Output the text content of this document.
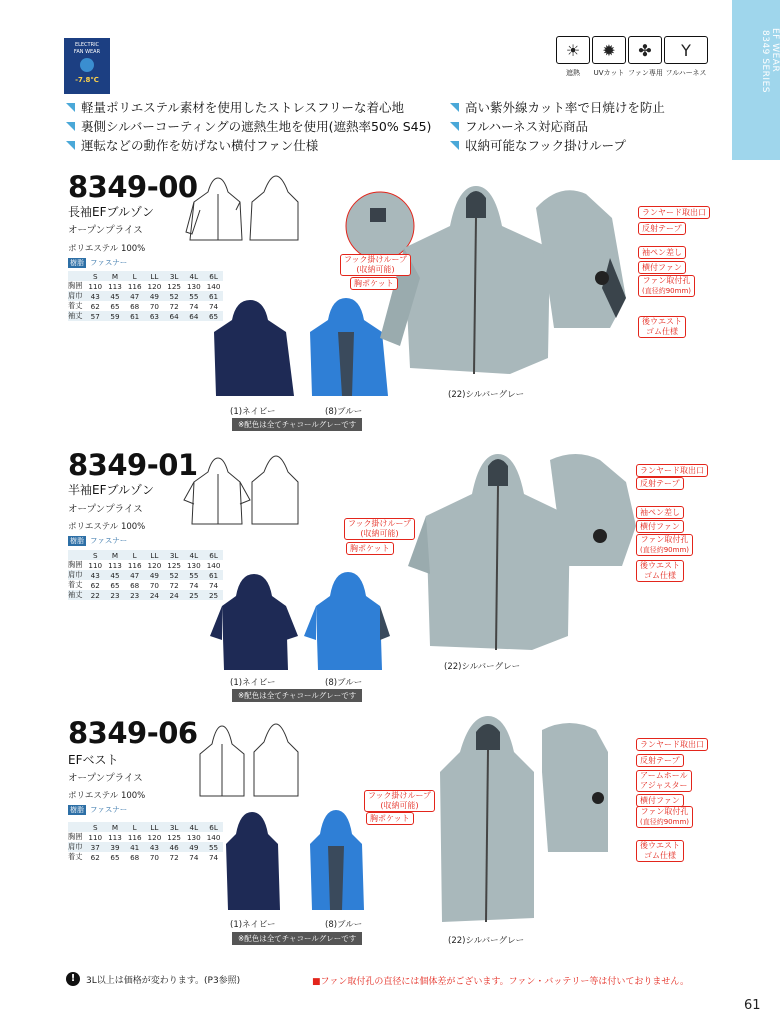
EF WEAR
8349 SERIES
ELECTRIC
FAN WEAR
-7.8℃
☀	✹	✤	Y
遮熱	UVカット ファン専用 フルハーネス
軽量ポリエステル素材を使用したストレスフリーな着心地
裏側シルバーコーティングの遮熱生地を使用(遮熱率50% S45)
運転などの動作を妨げない横付ファン仕様
高い紫外線カット率で日焼けを防止
フルハーネス対応商品
収納可能なフック掛けループ
8349-00
長袖EFブルゾン
オープンプライス
ポリエステル 100%
樹脂 ファスナー
	S	M	L	LL	3L	4L	6L
胸囲	110	113	116	120	125	130	140
肩巾	43	45	47	49	52	55	61
着丈	62	65	68	70	72	74	74
袖丈	57	59	61	63	64	64	65
(1)ネイビー	(8)ブルー
※配色は全てチャコールグレーです
(22)シルバーグレー
ランヤード取出口
反射テープ
袖ペン差し
横付ファン
ファン取付孔
(直径約90mm)
後ウエスト
ゴム仕様
フック掛けループ
(収納可能)
胸ポケット
8349-01
半袖EFブルゾン
オープンプライス
ポリエステル 100%
樹脂 ファスナー
	S	M	L	LL	3L	4L	6L
胸囲	110	113	116	120	125	130	140
肩巾	43	45	47	49	52	55	61
着丈	62	65	68	70	72	74	74
袖丈	22	23	23	24	24	25	25
(1)ネイビー	(8)ブルー
※配色は全てチャコールグレーです
(22)シルバーグレー
ランヤード取出口
反射テープ
袖ペン差し
横付ファン
ファン取付孔
(直径約90mm)
後ウエスト
ゴム仕様
フック掛けループ
(収納可能)
胸ポケット
8349-06
EFベスト
オープンプライス
ポリエステル 100%
樹脂 ファスナー
	S	M	L	LL	3L	4L	6L
胸囲	110	113	116	120	125	130	140
肩巾	37	39	41	43	46	49	55
着丈	62	65	68	70	72	74	74
(1)ネイビー	(8)ブルー
※配色は全てチャコールグレーです	(22)シルバーグレー
ランヤード取出口
反射テープ
アームホール
アジャスター
横付ファン
ファン取付孔
(直径約90mm)
後ウエスト
ゴム仕様
フック掛けループ
(収納可能)
胸ポケット
!	3L以上は価格が変わります。(P3参照)	■ファン取付孔の直径には個体差がございます。ファン・バッテリー等は付いておりません。
61
